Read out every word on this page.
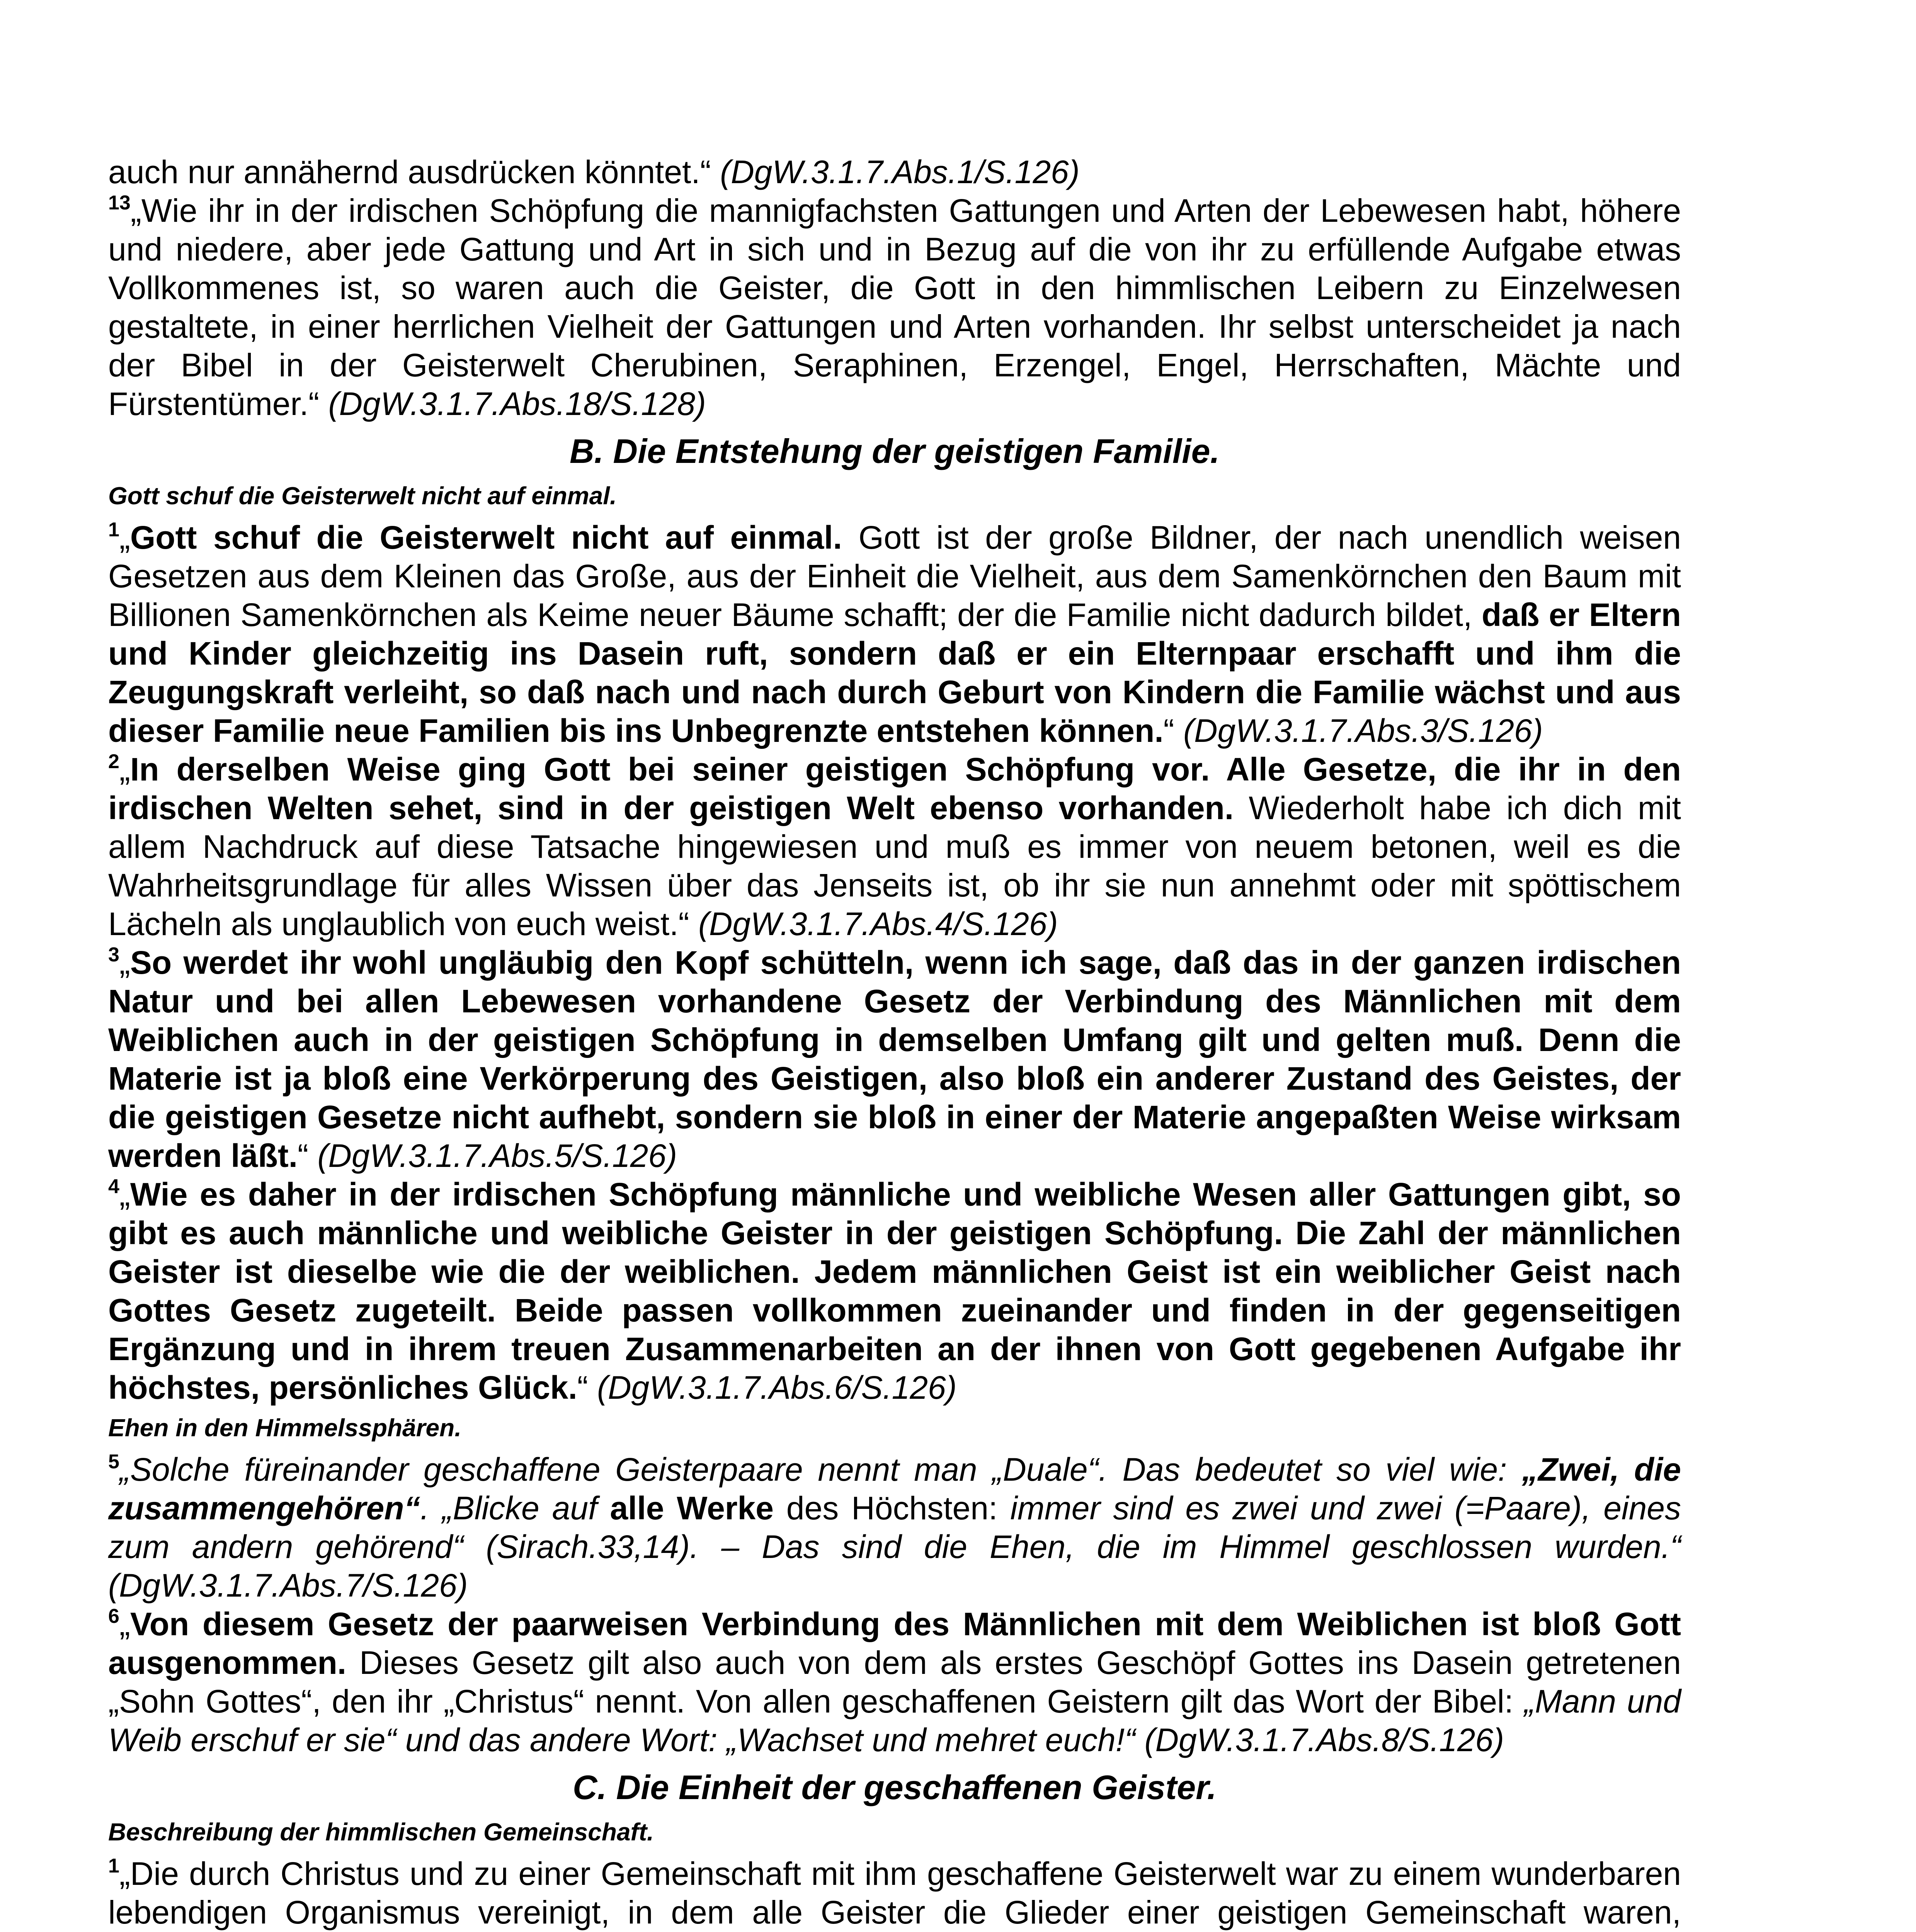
auch nur annähernd ausdrücken könntet.“ (DgW.3.1.7.Abs.1/S.126)

$^{13}$„Wie ihr in der irdischen Schöpfung die mannigfachsten Gattungen und Arten der Lebewesen habt, höhere und niedere, aber jede Gattung und Art in sich und in Bezug auf die von ihr zu erfüllende Aufgabe etwas Vollkommenes ist, so waren auch die Geister, die Gott in den himmlischen Leibern zu Einzelwesen gestaltete, in einer herrlichen Vielheit der Gattungen und Arten vorhanden. Ihr selbst unterscheidet ja nach der Bibel in der Geisterwelt Cherubinen, Seraphinen, Erzengel, Engel, Herrschaften, Mächte und Fürstentümer.“ (DgW.3.1.7.Abs.18/S.128)

B. Die Entstehung der geistigen Familie.
Gott schuf die Geisterwelt nicht auf einmal.

$^1$„Gott schuf die Geisterwelt nicht auf einmal. Gott ist der große Bildner, der nach unendlich weisen Gesetzen aus dem Kleinen das Große, aus der Einheit die Vielheit, aus dem Samenkörnchen den Baum mit Billionen Samenkörnchen als Keime neuer Bäume schafft; der die Familie nicht dadurch bildet, daß er Eltern und Kinder gleichzeitig ins Dasein ruft, sondern daß er ein Elternpaar erschafft und ihm die Zeugungskraft verleiht, so daß nach und nach durch Geburt von Kindern die Familie wächst und aus dieser Familie neue Familien bis ins Unbegrenzte entstehen können.“ (DgW.3.1.7.Abs.3/S.126)

$^2$„In derselben Weise ging Gott bei seiner geistigen Schöpfung vor. Alle Gesetze, die ihr in den irdischen Welten sehet, sind in der geistigen Welt ebenso vorhanden. Wiederholt habe ich dich mit allem Nachdruck auf diese Tatsache hingewiesen und muß es immer von neuem betonen, weil es die Wahrheitsgrundlage für alles Wissen über das Jenseits ist, ob ihr sie nun annehmt oder mit spöttischem Lächeln als unglaublich von euch weist.“ (DgW.3.1.7.Abs.4/S.126)

$^3$„So werdet ihr wohl ungläubig den Kopf schütteln, wenn ich sage, daß das in der ganzen irdischen Natur und bei allen Lebewesen vorhandene Gesetz der Verbindung des Männlichen mit dem Weiblichen auch in der geistigen Schöpfung in demselben Umfang gilt und gelten muß. Denn die Materie ist ja bloß eine Verkörperung des Geistigen, also bloß ein anderer Zustand des Geistes, der die geistigen Gesetze nicht aufhebt, sondern sie bloß in einer der Materie angepaßten Weise wirksam werden läßt.“ (DgW.3.1.7.Abs.5/S.126)

$^4$„Wie es daher in der irdischen Schöpfung männliche und weibliche Wesen aller Gattungen gibt, so gibt es auch männliche und weibliche Geister in der geistigen Schöpfung. Die Zahl der männlichen Geister ist dieselbe wie die der weiblichen. Jedem männlichen Geist ist ein weiblicher Geist nach Gottes Gesetz zugeteilt. Beide passen vollkommen zueinander und finden in der gegenseitigen Ergänzung und in ihrem treuen Zusammenarbeiten an der ihnen von Gott gegebenen Aufgabe ihr höchstes, persönliches Glück.“ (DgW.3.1.7.Abs.6/S.126)

Ehen in den Himmelssphären.

$^5$„Solche füreinander geschaffene Geisterpaare nennt man „Duale“. Das bedeutet so viel wie: „Zwei, die zusammengehören“. „Blicke auf alle Werke des Höchsten: immer sind es zwei und zwei (=Paare), eines zum andern gehörend“ (Sirach.33,14). – Das sind die Ehen, die im Himmel geschlossen wurden.“ (DgW.3.1.7.Abs.7/S.126)

$^6$„Von diesem Gesetz der paarweisen Verbindung des Männlichen mit dem Weiblichen ist bloß Gott ausgenommen. Dieses Gesetz gilt also auch von dem als erstes Geschöpf Gottes ins Dasein getretenen „Sohn Gottes“, den ihr „Christus“ nennt. Von allen geschaffenen Geistern gilt das Wort der Bibel: „Mann und Weib erschuf er sie“ und das andere Wort: „Wachset und mehret euch!“ (DgW.3.1.7.Abs.8/S.126)

C. Die Einheit der geschaffenen Geister.
Beschreibung der himmlischen Gemeinschaft.

$^1$„Die durch Christus und zu einer Gemeinschaft mit ihm geschaffene Geisterwelt war zu einem wunderbaren lebendigen Organismus vereinigt, in dem alle Geister die Glieder einer geistigen Gemeinschaft waren,
